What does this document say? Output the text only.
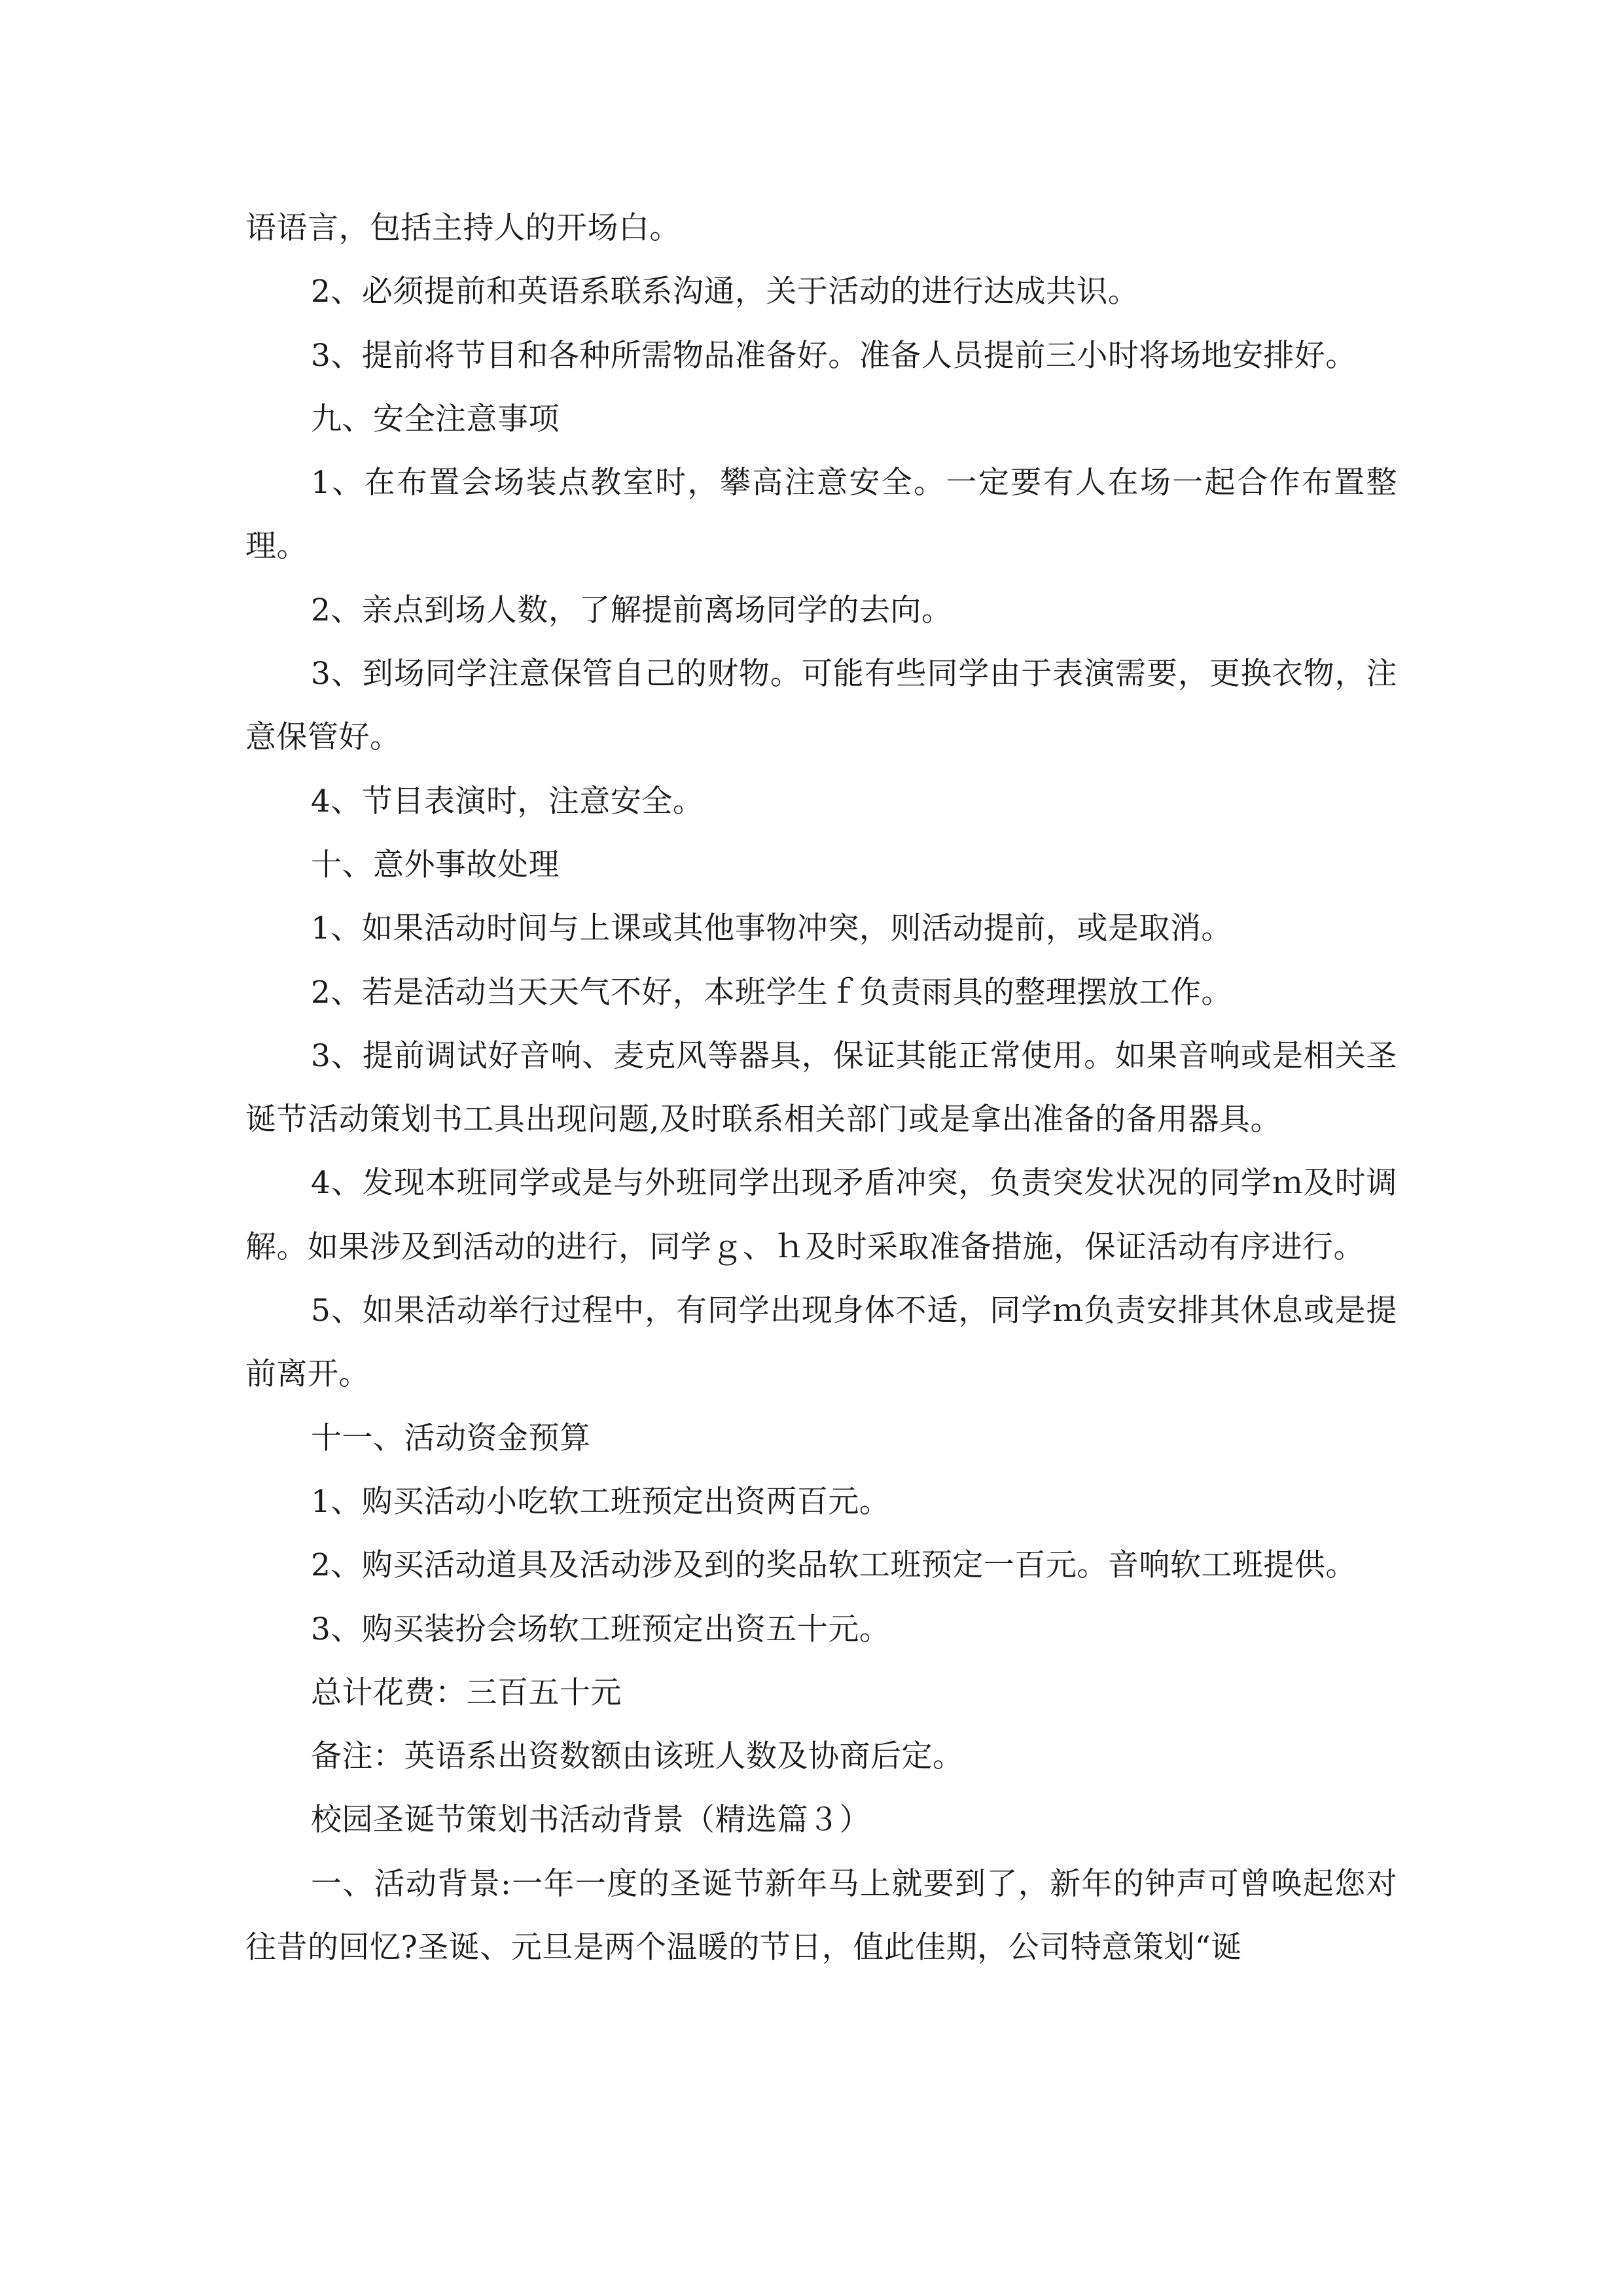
语语言，包括主持人的开场白。

2、必须提前和英语系联系沟通，关于活动的进行达成共识。

3、提前将节目和各种所需物品准备好。准备人员提前三小时将场地安排好。

九、安全注意事项

1、在布置会场装点教室时，攀高注意安全。一定要有人在场一起合作布置整理。

2、亲点到场人数，了解提前离场同学的去向。

3、到场同学注意保管自己的财物。可能有些同学由于表演需要，更换衣物，注意保管好。

4、节目表演时，注意安全。

十、意外事故处理

1、如果活动时间与上课或其他事物冲突，则活动提前，或是取消。

2、若是活动当天天气不好，本班学生ｆ负责雨具的整理摆放工作。

3、提前调试好音响、麦克风等器具，保证其能正常使用。如果音响或是相关圣诞节活动策划书工具出现问题,及时联系相关部门或是拿出准备的备用器具。

4、发现本班同学或是与外班同学出现矛盾冲突，负责突发状况的同学ｍ及时调解。如果涉及到活动的进行，同学ｇ、ｈ及时采取准备措施，保证活动有序进行。

5、如果活动举行过程中，有同学出现身体不适，同学ｍ负责安排其休息或是提前离开。

十一、活动资金预算

1、购买活动小吃软工班预定出资两百元。

2、购买活动道具及活动涉及到的奖品软工班预定一百元。音响软工班提供。

3、购买装扮会场软工班预定出资五十元。

总计花费：三百五十元

备注：英语系出资数额由该班人数及协商后定。

校园圣诞节策划书活动背景（精选篇３）

一、活动背景:一年一度的圣诞节新年马上就要到了，新年的钟声可曾唤起您对往昔的回忆?圣诞、元旦是两个温暖的节日，值此佳期，公司特意策划“诞
